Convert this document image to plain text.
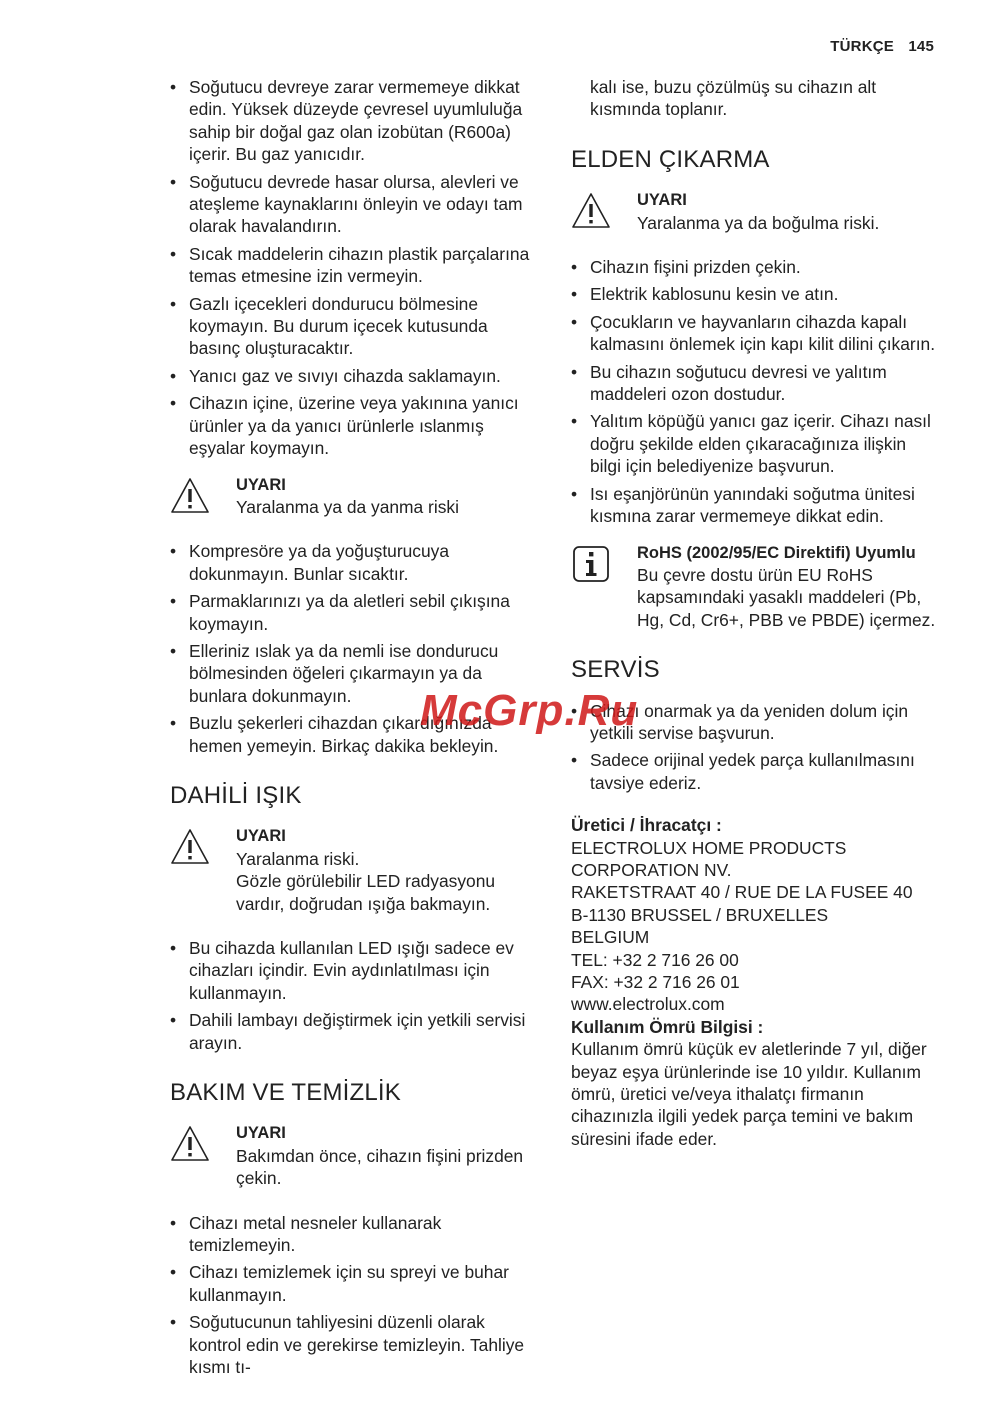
TÜRKÇE 145
• Soğutucu devreye zarar vermemeye dikkat edin. Yüksek düzeyde çevresel uyumluluğa sahip bir doğal gaz olan izobütan (R600a) içerir. Bu gaz yanıcıdır.
• Soğutucu devrede hasar olursa, alevleri ve ateşleme kaynaklarını önleyin ve odayı tam olarak havalandırın.
• Sıcak maddelerin cihazın plastik parçalarına temas etmesine izin vermeyin.
• Gazlı içecekleri dondurucu bölmesine koymayın. Bu durum içecek kutusunda basınç oluşturacaktır.
• Yanıcı gaz ve sıvıyı cihazda saklamayın.
• Cihazın içine, üzerine veya yakınına yanıcı ürünler ya da yanıcı ürünlerle ıslanmış eşyalar koymayın.
UYARI
Yaralanma ya da yanma riski
• Kompresöre ya da yoğuşturucuya dokunmayın. Bunlar sıcaktır.
• Parmaklarınızı ya da aletleri sebil çıkışına koymayın.
• Elleriniz ıslak ya da nemli ise dondurucu bölmesinden öğeleri çıkarmayın ya da bunlara dokunmayın.
• Buzlu şekerleri cihazdan çıkardığınızda hemen yemeyin. Birkaç dakika bekleyin.
DAHİLİ IŞIK
UYARI
Yaralanma riski.
Gözle görülebilir LED radyasyonu vardır, doğrudan ışığa bakmayın.
• Bu cihazda kullanılan LED ışığı sadece ev cihazları içindir. Evin aydınlatılması için kullanmayın.
• Dahili lambayı değiştirmek için yetkili servisi arayın.
BAKIM VE TEMİZLİK
UYARI
Bakımdan önce, cihazın fişini prizden çekin.
• Cihazı metal nesneler kullanarak temizlemeyin.
• Cihazı temizlemek için su spreyi ve buhar kullanmayın.
• Soğutucunun tahliyesini düzenli olarak kontrol edin ve gerekirse temizleyin. Tahliye kısmı tı-
kalı ise, buzu çözülmüş su cihazın alt kısmında toplanır.
ELDEN ÇIKARMA
UYARI
Yaralanma ya da boğulma riski.
• Cihazın fişini prizden çekin.
• Elektrik kablosunu kesin ve atın.
• Çocukların ve hayvanların cihazda kapalı kalmasını önlemek için kapı kilit dilini çıkarın.
• Bu cihazın soğutucu devresi ve yalıtım maddeleri ozon dostudur.
• Yalıtım köpüğü yanıcı gaz içerir. Cihazı nasıl doğru şekilde elden çıkaracağınıza ilişkin bilgi için belediyenize başvurun.
• Isı eşanjörünün yanındaki soğutma ünitesi kısmına zarar vermemeye dikkat edin.
RoHS (2002/95/EC Direktifi) Uyumlu
Bu çevre dostu ürün EU RoHS kapsamındaki yasaklı maddeleri (Pb, Hg, Cd, Cr6+, PBB ve PBDE) içermez.
SERVİS
• Cihazı onarmak ya da yeniden dolum için yetkili servise başvurun.
• Sadece orijinal yedek parça kullanılmasını tavsiye ederiz.
Üretici / İhracatçı :
ELECTROLUX HOME PRODUCTS
CORPORATION NV.
RAKETSTRAAT 40 / RUE DE LA FUSEE 40
B-1130 BRUSSEL / BRUXELLES
BELGIUM
TEL: +32 2 716 26 00
FAX: +32 2 716 26 01
www.electrolux.com
Kullanım Ömrü Bilgisi :
Kullanım ömrü küçük ev aletlerinde 7 yıl, diğer beyaz eşya ürünlerinde ise 10 yıldır. Kullanım ömrü, üretici ve/veya ithalatçı firmanın cihazınızla ilgili yedek parça temini ve bakım süresini ifade eder.
McGrp.Ru
